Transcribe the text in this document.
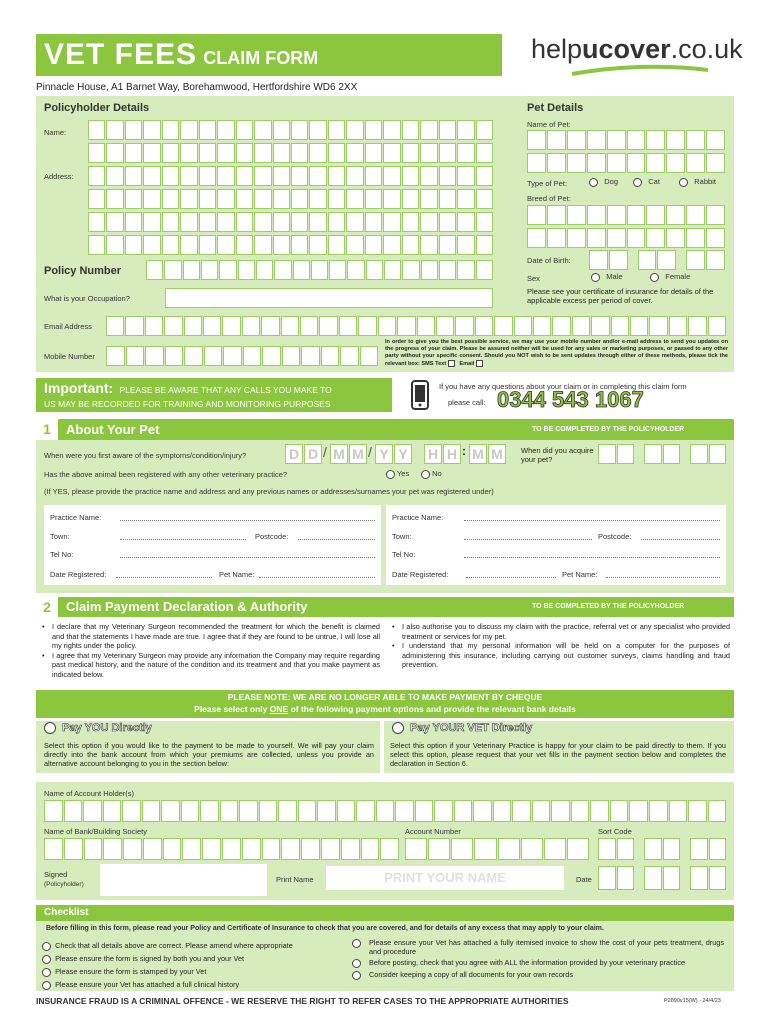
VET FEES CLAIM FORM	helpucover.co.uk
Pinnacle House, A1 Barnet Way, Borehamwood, Hertfordshire WD6 2XX
Policyholder Details	Pet Details
Name:
Address:
Policy Number
What is your Occupation?
Name of Pet:
Type of Pet:	Dog	Cat	Rabbit
Breed of Pet:
Date of Birth:
Sex	Male	Female
Please see your certificate of insurance for details of the applicable excess per period of cover.
Email Address
Mobile Number
In order to give you the best possible service, we may use your mobile number and/or e-mail address to send you updates on the progress of your claim. Please be assured neither will be used for any sales or marketing purposes, or passed to any other party without your specific consent. Should you NOT wish to be sent updates through either of these methods, please tick the relevant box: SMS Text Email
Important: PLEASE BE AWARE THAT ANY CALLS YOU MAKE TO
US MAY BE RECORDED FOR TRAINING AND MONITORING PURPOSES
If you have any questions about your claim or in completing this claim form
please call: 0344 543 1067
1	About Your Pet	TO BE COMPLETED BY THE POLICYHOLDER
When were you first aware of the symptoms/condition/injury?	D D / M M / Y Y	H H : M M	When did you acquire your pet?
Has the above animal been registered with any other veterinary practice?	Yes	No
(If YES, please provide the practice name and address and any previous names or addresses/surnames your pet was registered under)
Practice Name:
Town:	Postcode:
Tel No:
Date Registered:	Pet Name:
Practice Name:
Town:	Postcode:
Tel No:
Date Registered:	Pet Name:
2	Claim Payment Declaration & Authority	TO BE COMPLETED BY THE POLICYHOLDER
• I declare that my Veterinary Surgeon recommended the treatment for which the benefit is claimed and that the statements I have made are true. I agree that if they are found to be untrue, I will lose all my rights under the policy.
• I agree that my Veterinary Surgeon may provide any information the Company may require regarding past medical history, and the nature of the condition and its treatment and that you make payment as indicated below.
• I also authorise you to discuss my claim with the practice, referral vet or any specialist who provided treatment or services for my pet.
• I understand that my personal information will be held on a computer for the purposes of administering this insurance, including carrying out customer surveys, claims handling and fraud prevention.
PLEASE NOTE: WE ARE NO LONGER ABLE TO MAKE PAYMENT BY CHEQUE
Please select only ONE of the following payment options and provide the relevant bank details
Pay YOU Directly	Pay YOUR VET Directly
Select this option if you would like to the payment to be made to yourself. We will pay your claim directly into the bank account from which your premiums are collected, unless you provide an alternative account belonging to you in the section below:
Select this option if your Veterinary Practice is happy for your claim to be paid directly to them. If you select this option, please request that your vet fills in the payment section below and completes the declaration in Section 6.
Name of Account Holder(s)
Name of Bank/Building Society	Account Number	Sort Code
Signed
(Policyholder)
Print Name	PRINT YOUR NAME	Date
Checklist
Before filling in this form, please read your Policy and Certificate of Insurance to check that you are covered, and for details of any excess that may apply to your claim.
Check that all details above are correct. Please amend where appropriate
Please ensure the form is signed by both you and your Vet
Please ensure the form is stamped by your Vet
Please ensure your Vet has attached a full clinical history
Please ensure your Vet has attached a fully itemised invoice to show the cost of your pets treatment, drugs and procedure
Before posting, check that you agree with ALL the information provided by your veterinary practice
Consider keeping a copy of all documents for your own records
INSURANCE FRAUD IS A CRIMINAL OFFENCE - WE RESERVE THE RIGHT TO REFER CASES TO THE APPROPRIATE AUTHORITIES	P2890v15(W) - 24/4/23
